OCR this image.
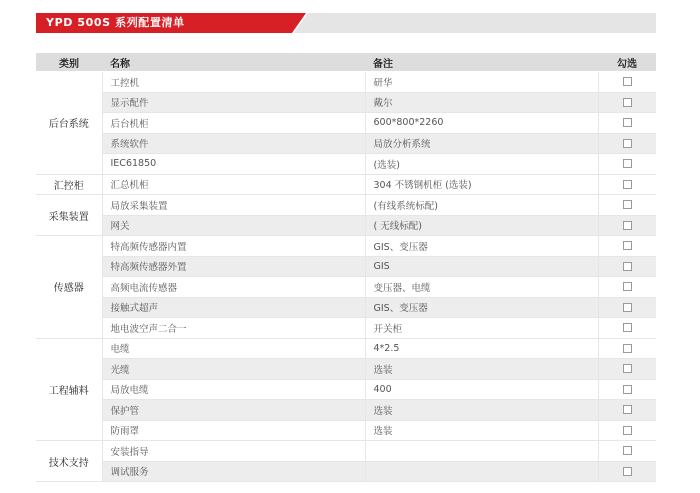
YPD 500S 系列配置清单
类别	名称	备注	勾选
后台系统	工控机	研华	
	显示配件	戴尔	
	后台机柜	600*800*2260	
	系统软件	局放分析系统	
	IEC61850	(选装)	
汇控柜	汇总机柜	304 不锈钢机柜 (选装)	
采集装置	局放采集装置	(有线系统标配)	
	网关	( 无线标配)	
传感器	特高频传感器内置	GIS、变压器	
	特高频传感器外置	GIS	
	高频电流传感器	变压器、电缆	
	接触式超声	GIS、变压器	
	地电波空声二合一	开关柜	
工程辅料	电缆	4*2.5	
	光缆	选装	
	局放电缆	400	
	保护管	选装	
	防雨罩	选装	
技术支持	安装指导		
	调试服务		
